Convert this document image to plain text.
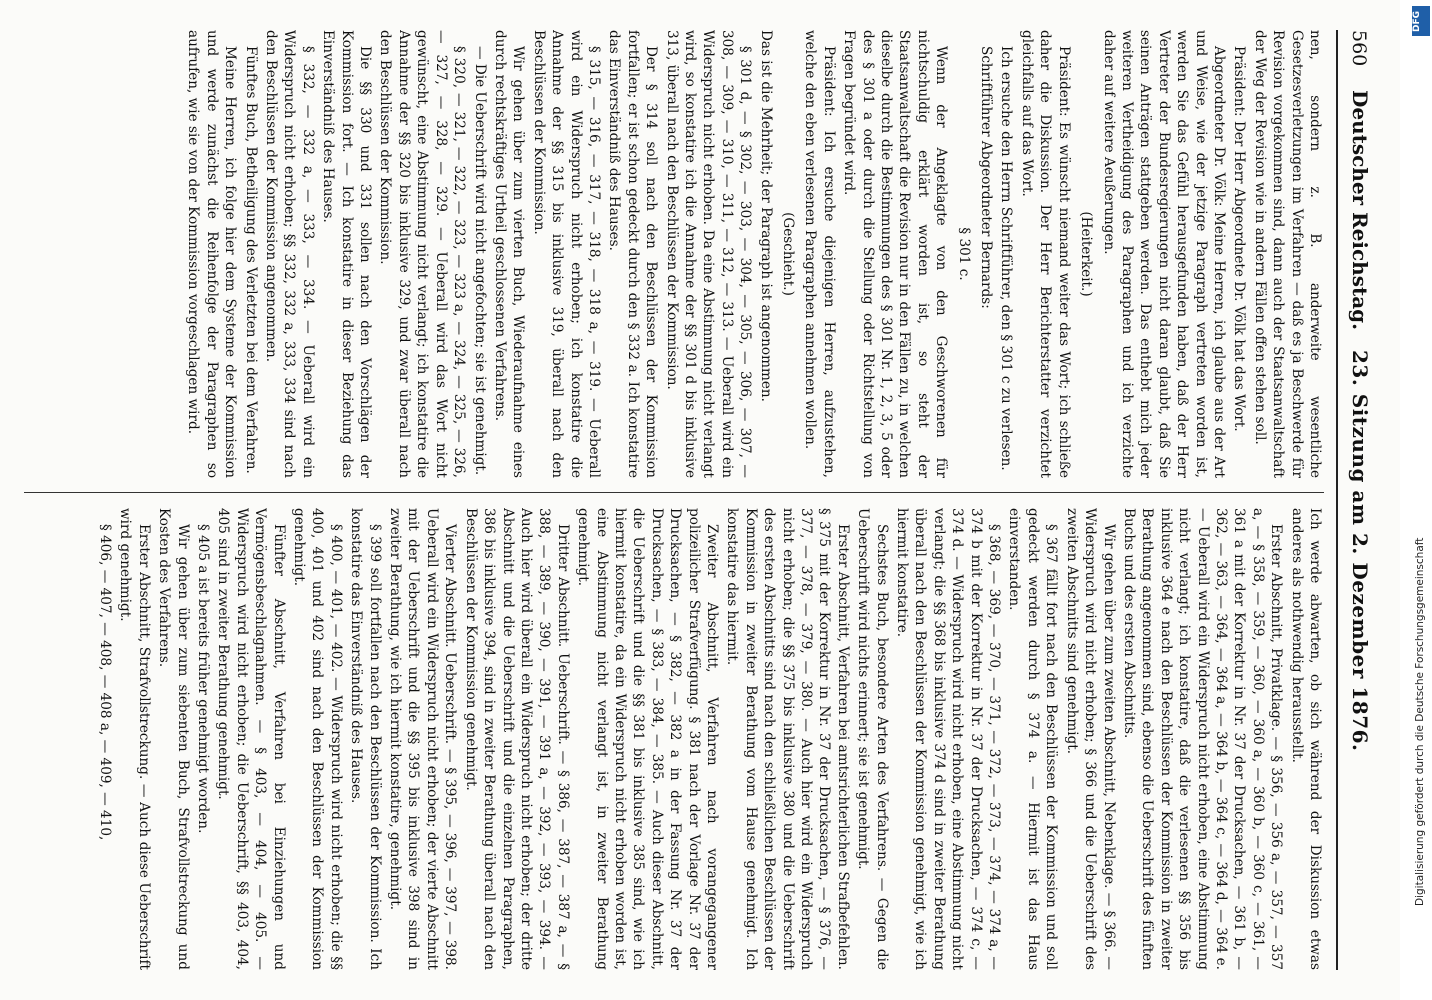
560
Deutscher Reichstag.
23. Sitzung am 2. Dezember 1876.

nen, sondern z. B. anderweite wesentliche Gesetzesverletzungen im Verfahren — daß es ja Beschwerde für Revision vorgekommen sind, dann auch der Staatsanwaltschaft der Weg der Revision wie in andern Fällen offen stehen soll.

Präsident: Der Herr Abgeordnete Dr. Völk hat das Wort.

Abgeordneter Dr. Völk: Meine Herren, ich glaube aus der Art und Weise, wie der jetzige Paragraph vertreten worden ist, werden Sie das Gefühl herausgefunden haben, daß der Herr Vertreter der Bundesregierungen nicht daran glaubt, daß Sie seinen Anträgen stattgeben werden. Das enthebt mich jeder weiteren Vertheidigung des Paragraphen und ich verzichte daher auf weitere Aeußerungen.

(Heiterkeit.)

Präsident: Es wünscht niemand weiter das Wort; ich schließe daher die Diskussion. Der Herr Berichterstatter verzichtet gleichfalls auf das Wort.

Ich ersuche den Herrn Schriftführer, den § 301 c zu verlesen.

Schriftführer Abgeordneter Bernards:

§ 301 c.

Wenn der Angeklagte von den Geschworenen für nichtschuldig erklärt worden ist, so steht der Staatsanwaltschaft die Revision nur in den Fällen zu, in welchen dieselbe durch die Bestimmungen des § 301 Nr. 1, 2, 3, 5 oder des § 301 a oder durch die Stellung oder Richtstellung von Fragen begründet wird.

Präsident: Ich ersuche diejenigen Herren, aufzustehen, welche den eben verlesenen Paragraphen annehmen wollen.

(Geschieht.)

Das ist die Mehrheit; der Paragraph ist angenommen.

§ 301 d, — § 302, — 303, — 304, — 305, — 306, — 307, — 308, — 309, — 310, — 311, — 312, — 313. — Ueberall wird ein Widerspruch nicht erhoben. Da eine Abstimmung nicht verlangt wird, so konstatire ich die Annahme der §§ 301 d bis inklusive 313, überall nach den Beschlüssen der Kommission.

Der § 314 soll nach den Beschlüssen der Kommission fortfallen; er ist schon gedeckt durch den § 332 a. Ich konstatire das Einverständniß des Hauses.

§ 315, — 316, — 317, — 318, — 318 a, — 319. — Ueberall wird ein Widerspruch nicht erhoben; ich konstatire die Annahme der §§ 315 bis inklusive 319, überall nach den Beschlüssen der Kommission.

Wir gehen über zum vierten Buch, Wiederaufnahme eines durch rechtskräftiges Urtheil geschlossenen Verfahrens.

— Die Ueberschrift wird nicht angefochten; sie ist genehmigt.

§ 320, — 321, — 322, — 323, — 323 a, — 324, — 325, — 326, — 327, — 328, — 329. — Ueberall wird das Wort nicht gewünscht, eine Abstimmung nicht verlangt; ich konstatire die Annahme der §§ 320 bis inklusive 329, und zwar überall nach den Beschlüssen der Kommission.

Die §§ 330 und 331 sollen nach den Vorschlägen der Kommission fort. — Ich konstatire in dieser Beziehung das Einverständniß des Hauses.

§ 332, — 332 a, — 333, — 334. — Ueberall wird ein Widerspruch nicht erhoben; §§ 332, 332 a, 333, 334 sind nach den Beschlüssen der Kommission angenommen.

Fünftes Buch, Betheiligung des Verletzten bei dem Verfahren.

Meine Herren, ich folge hier dem Systeme der Kommission und werde zunächst die Reihenfolge der Paragraphen so aufrufen, wie sie von der Kommission vorgeschlagen wird.

Ich werde abwarten, ob sich während der Diskussion etwas anderes als nothwendig herausstellt.

Erster Abschnitt, Privatklage. — § 356, — 356 a, — 357, — 357 a, — § 358, — 359, — 360, — 360 a, — 360 b, — 360 c, — 361, — 361 a mit der Korrektur in Nr. 37 der Drucksachen, — 361 b, — 362, — 363, — 364, — 364 a, — 364 b, — 364 c, — 364 d, — 364 e. — Ueberall wird ein Widerspruch nicht erhoben, eine Abstimmung nicht verlangt; ich konstatire, daß die verlesenen §§ 356 bis inklusive 364 e nach den Beschlüssen der Kommission in zweiter Berathung angenommen sind, ebenso die Ueberschrift des fünften Buchs und des ersten Abschnitts.

Wir gehen über zum zweiten Abschnitt, Nebenklage. — § 366. — Widerspruch wird nicht erhoben; § 366 und die Ueberschrift des zweiten Abschnitts sind genehmigt.

§ 367 fällt fort nach den Beschlüssen der Kommission und soll gedeckt werden durch § 374 a. — Hiermit ist das Haus einverstanden.

§ 368, — 369, — 370, — 371, — 372, — 373, — 374, — 374 a, — 374 b mit der Korrektur in Nr. 37 der Drucksachen, — 374 c, — 374 d. — Widerspruch wird nicht erhoben, eine Abstimmung nicht verlangt; die §§ 368 bis inklusive 374 d sind in zweiter Berathung überall nach den Beschlüssen der Kommission genehmigt, wie ich hiermit konstatire.

Sechstes Buch, besondere Arten des Verfahrens. — Gegen die Ueberschrift wird nichts erinnert; sie ist genehmigt.

Erster Abschnitt, Verfahren bei amtsrichterlichen Strafbefehlen. § 375 mit der Korrektur in Nr. 37 der Drucksachen, — § 376, — 377, — 378, — 379, — 380. — Auch hier wird ein Widerspruch nicht erhoben; die §§ 375 bis inklusive 380 und die Ueberschrift des ersten Abschnitts sind nach den schließlichen Beschlüssen der Kommission in zweiter Berathung vom Hause genehmigt. Ich konstatire das hiermit.

Zweiter Abschnitt, Verfahren nach vorangegangener polizeilicher Strafverfügung. § 381 nach der Vorlage Nr. 37 der Drucksachen, — § 382, — 382 a in der Fassung Nr. 37 der Drucksachen, — § 383, — 384, — 385. — Auch dieser Abschnitt, die Ueberschrift und die §§ 381 bis inklusive 385 sind, wie ich hiermit konstatire, da ein Widerspruch nicht erhoben worden ist, eine Abstimmung nicht verlangt ist, in zweiter Berathung genehmigt.

Dritter Abschnitt. Ueberschrift. — § 386, — 387, — 387 a, — § 388, — 389, — 390, — 391, — 391 a, — 392, — 393, — 394. — Auch hier wird überall ein Widerspruch nicht erhoben; der dritte Abschnitt und die Ueberschrift und die einzelnen Paragraphen, 386 bis inklusive 394, sind in zweiter Berathung überall nach den Beschlüssen der Kommission genehmigt.

Vierter Abschnitt. Ueberschrift. — § 395, — 396, — 397, — 398. Ueberall wird ein Widerspruch nicht erhoben; der vierte Abschnitt mit der Ueberschrift und die §§ 395 bis inklusive 398 sind in zweiter Berathung, wie ich hiermit konstatire, genehmigt.

§ 399 soll fortfallen nach den Beschlüssen der Kommission. Ich konstatire das Einverständniß des Hauses.

§ 400, — 401, — 402. — Widerspruch wird nicht erhoben; die §§ 400, 401 und 402 sind nach den Beschlüssen der Kommission genehmigt.

Fünfter Abschnitt, Verfahren bei Einziehungen und Vermögensbeschlagnahmen. — § 403, — 404, — 405. — Widerspruch wird nicht erhoben; die Ueberschrift, §§ 403, 404, 405 sind in zweiter Berathung genehmigt.

§ 405 a ist bereits früher genehmigt worden.

Wir gehen über zum siebenten Buch, Strafvollstreckung und Kosten des Verfahrens.

Erster Abschnitt, Strafvollstreckung. — Auch diese Ueberschrift wird genehmigt.

§ 406, — 407, — 408, — 408 a, — 409, — 410,	Digitalisierung gefördert durch die Deutsche Forschungsgemeinschaft
DFG
